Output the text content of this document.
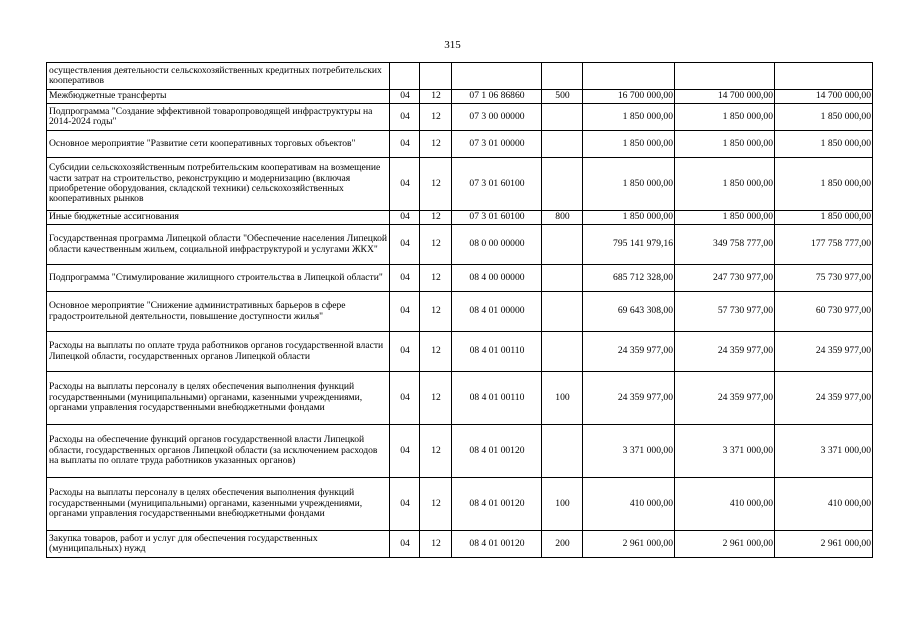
315
осуществления деятельности сельскохозяйственных кредитных потребительских кооперативов							
Межбюджетные трансферты	04	12	07 1 06 86860	500	16 700 000,00	14 700 000,00	14 700 000,00
Подпрограмма "Создание эффективной товаропроводящей инфраструктуры на 2014-2024 годы"	04	12	07 3 00 00000		1 850 000,00	1 850 000,00	1 850 000,00
Основное мероприятие "Развитие сети кооперативных торговых объектов"	04	12	07 3 01 00000		1 850 000,00	1 850 000,00	1 850 000,00
Субсидии сельскохозяйственным потребительским кооперативам на возмещение части затрат на строительство, реконструкцию и модернизацию (включая приобретение оборудования, складской техники) сельскохозяйственных кооперативных рынков	04	12	07 3 01 60100		1 850 000,00	1 850 000,00	1 850 000,00
Иные бюджетные ассигнования	04	12	07 3 01 60100	800	1 850 000,00	1 850 000,00	1 850 000,00
Государственная программа Липецкой области "Обеспечение населения Липецкой области качественным жильем, социальной инфраструктурой и услугами ЖКХ"	04	12	08 0 00 00000		795 141 979,16	349 758 777,00	177 758 777,00
Подпрограмма "Стимулирование жилищного строительства в Липецкой области"	04	12	08 4 00 00000		685 712 328,00	247 730 977,00	75 730 977,00
Основное мероприятие "Снижение административных барьеров в сфере градостроительной деятельности, повышение доступности жилья"	04	12	08 4 01 00000		69 643 308,00	57 730 977,00	60 730 977,00
Расходы на выплаты по оплате труда работников органов государственной власти Липецкой области, государственных органов Липецкой области	04	12	08 4 01 00110		24 359 977,00	24 359 977,00	24 359 977,00
Расходы на выплаты персоналу в целях обеспечения выполнения функций государственными (муниципальными) органами, казенными учреждениями, органами управления государственными внебюджетными фондами	04	12	08 4 01 00110	100	24 359 977,00	24 359 977,00	24 359 977,00
Расходы на обеспечение функций органов государственной власти Липецкой области, государственных органов Липецкой области (за исключением расходов на выплаты по оплате труда работников указанных органов)	04	12	08 4 01 00120		3 371 000,00	3 371 000,00	3 371 000,00
Расходы на выплаты персоналу в целях обеспечения выполнения функций государственными (муниципальными) органами, казенными учреждениями, органами управления государственными внебюджетными фондами	04	12	08 4 01 00120	100	410 000,00	410 000,00	410 000,00
Закупка товаров, работ и услуг для обеспечения государственных (муниципальных) нужд	04	12	08 4 01 00120	200	2 961 000,00	2 961 000,00	2 961 000,00
